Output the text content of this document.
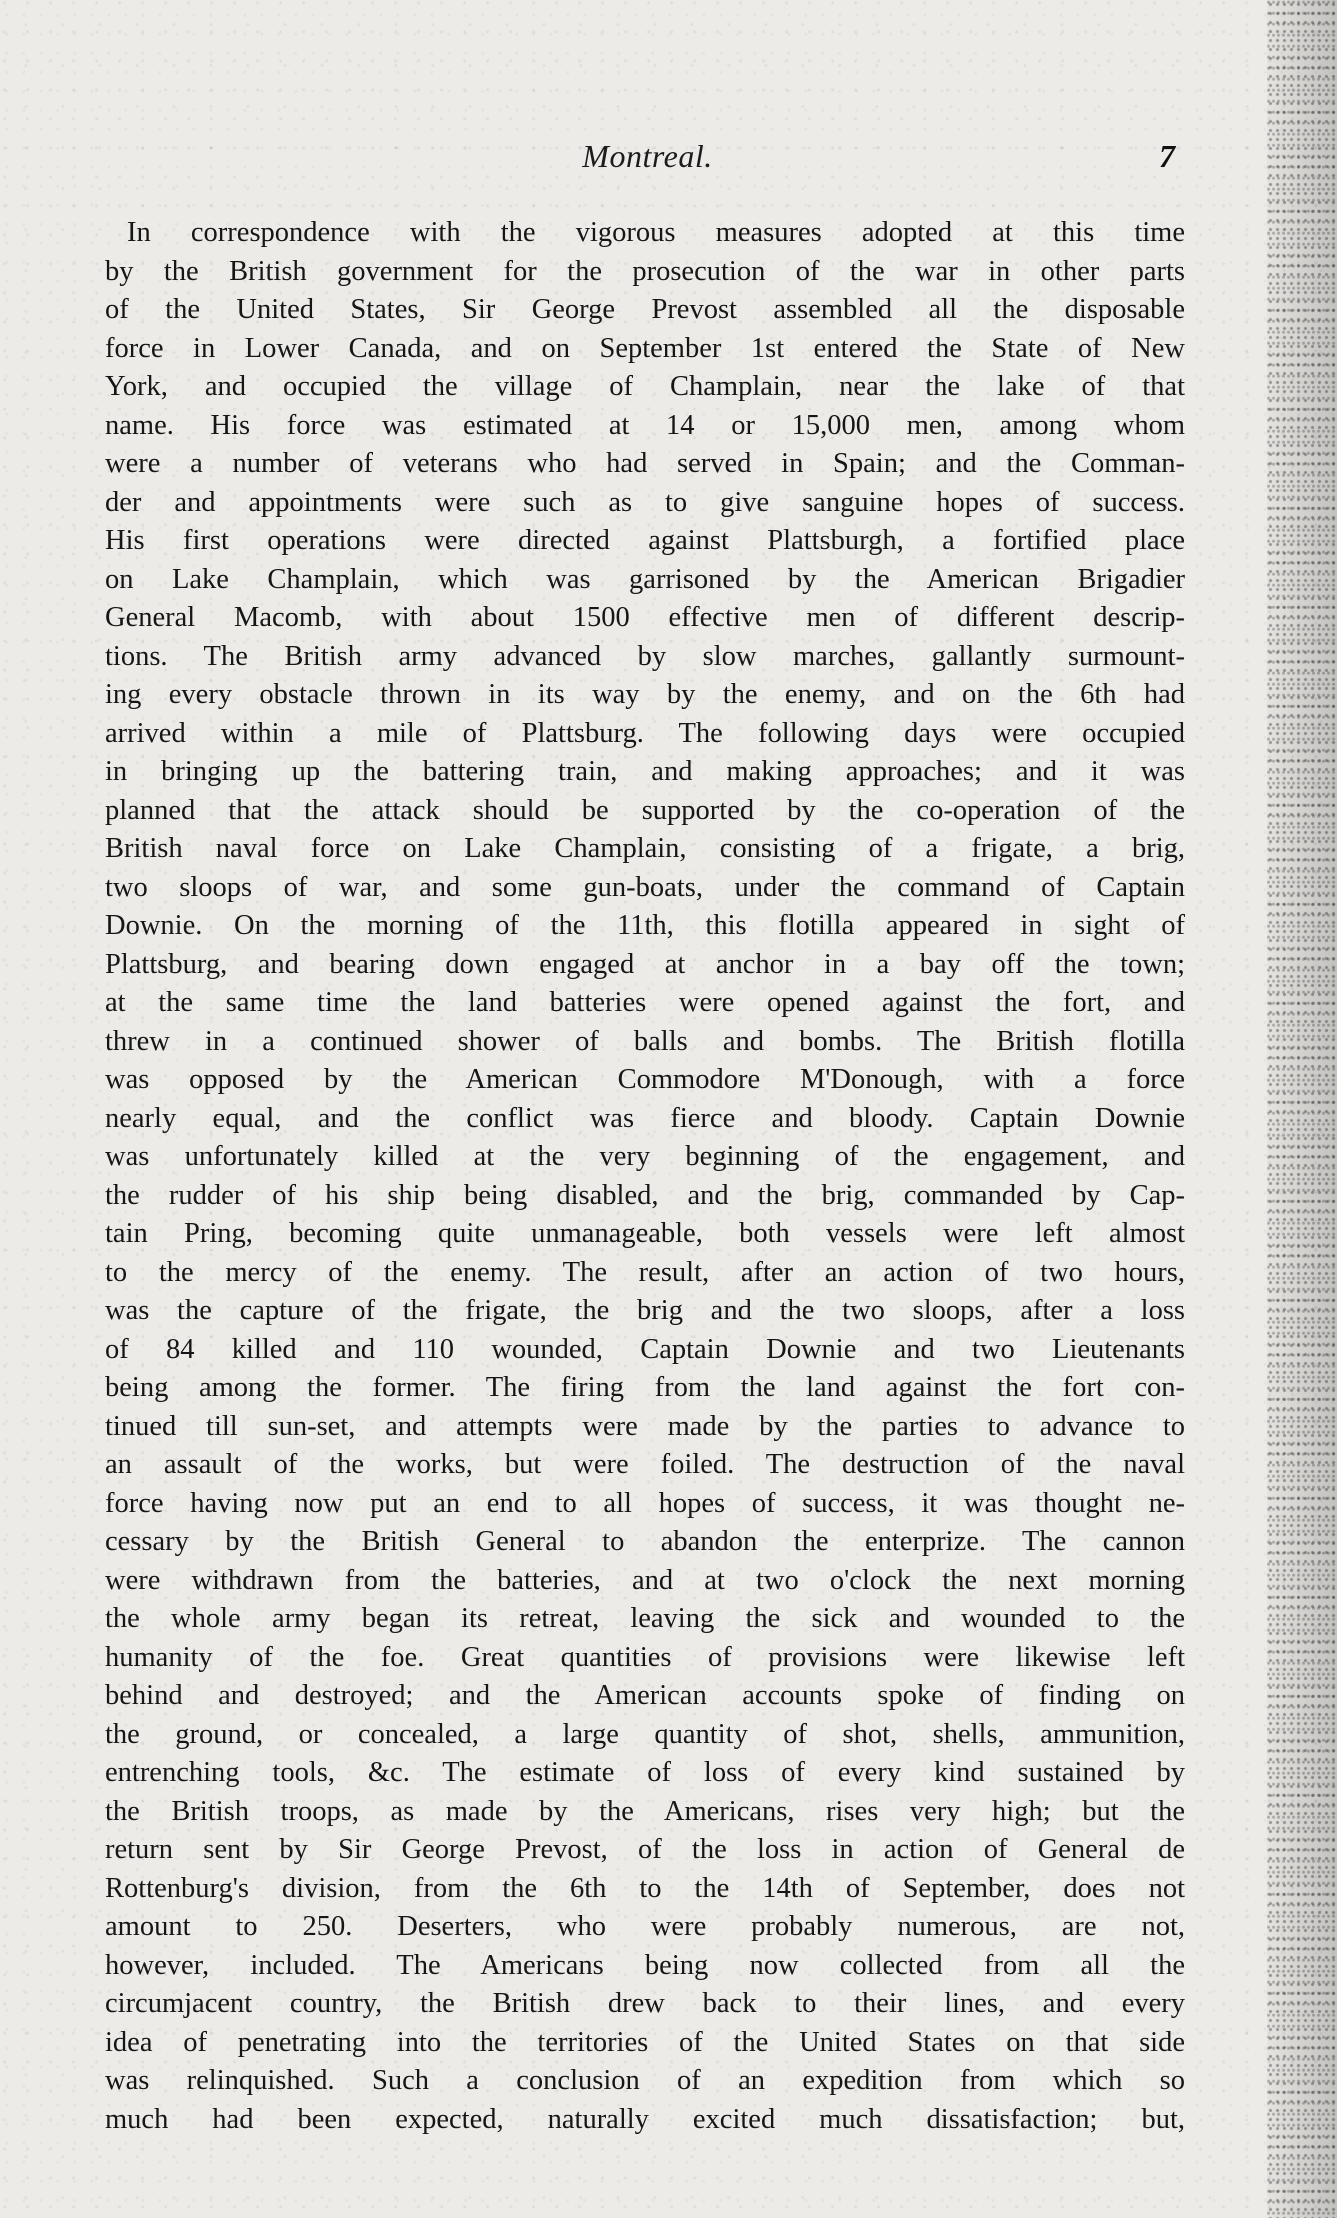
Montreal.	7
In correspondence with the vigorous measures adopted at this time
by the British government for the prosecution of the war in other parts
of the United States, Sir George Prevost assembled all the disposable
force in Lower Canada, and on September 1st entered the State of New
York, and occupied the village of Champlain, near the lake of that
name. His force was estimated at 14 or 15,000 men, among whom
were a number of veterans who had served in Spain; and the Comman-
der and appointments were such as to give sanguine hopes of success.
His first operations were directed against Plattsburgh, a fortified place
on Lake Champlain, which was garrisoned by the American Brigadier
General Macomb, with about 1500 effective men of different descrip-
tions. The British army advanced by slow marches, gallantly surmount-
ing every obstacle thrown in its way by the enemy, and on the 6th had
arrived within a mile of Plattsburg. The following days were occupied
in bringing up the battering train, and making approaches; and it was
planned that the attack should be supported by the co-operation of the
British naval force on Lake Champlain, consisting of a frigate, a brig,
two sloops of war, and some gun-boats, under the command of Captain
Downie. On the morning of the 11th, this flotilla appeared in sight of
Plattsburg, and bearing down engaged at anchor in a bay off the town;
at the same time the land batteries were opened against the fort, and
threw in a continued shower of balls and bombs. The British flotilla
was opposed by the American Commodore M'Donough, with a force
nearly equal, and the conflict was fierce and bloody. Captain Downie
was unfortunately killed at the very beginning of the engagement, and
the rudder of his ship being disabled, and the brig, commanded by Cap-
tain Pring, becoming quite unmanageable, both vessels were left almost
to the mercy of the enemy. The result, after an action of two hours,
was the capture of the frigate, the brig and the two sloops, after a loss
of 84 killed and 110 wounded, Captain Downie and two Lieutenants
being among the former. The firing from the land against the fort con-
tinued till sun-set, and attempts were made by the parties to advance to
an assault of the works, but were foiled. The destruction of the naval
force having now put an end to all hopes of success, it was thought ne-
cessary by the British General to abandon the enterprize. The cannon
were withdrawn from the batteries, and at two o'clock the next morning
the whole army began its retreat, leaving the sick and wounded to the
humanity of the foe. Great quantities of provisions were likewise left
behind and destroyed; and the American accounts spoke of finding on
the ground, or concealed, a large quantity of shot, shells, ammunition,
entrenching tools, &c. The estimate of loss of every kind sustained by
the British troops, as made by the Americans, rises very high; but the
return sent by Sir George Prevost, of the loss in action of General de
Rottenburg's division, from the 6th to the 14th of September, does not
amount to 250. Deserters, who were probably numerous, are not,
however, included. The Americans being now collected from all the
circumjacent country, the British drew back to their lines, and every
idea of penetrating into the territories of the United States on that side
was relinquished. Such a conclusion of an expedition from which so
much had been expected, naturally excited much dissatisfaction; but,
